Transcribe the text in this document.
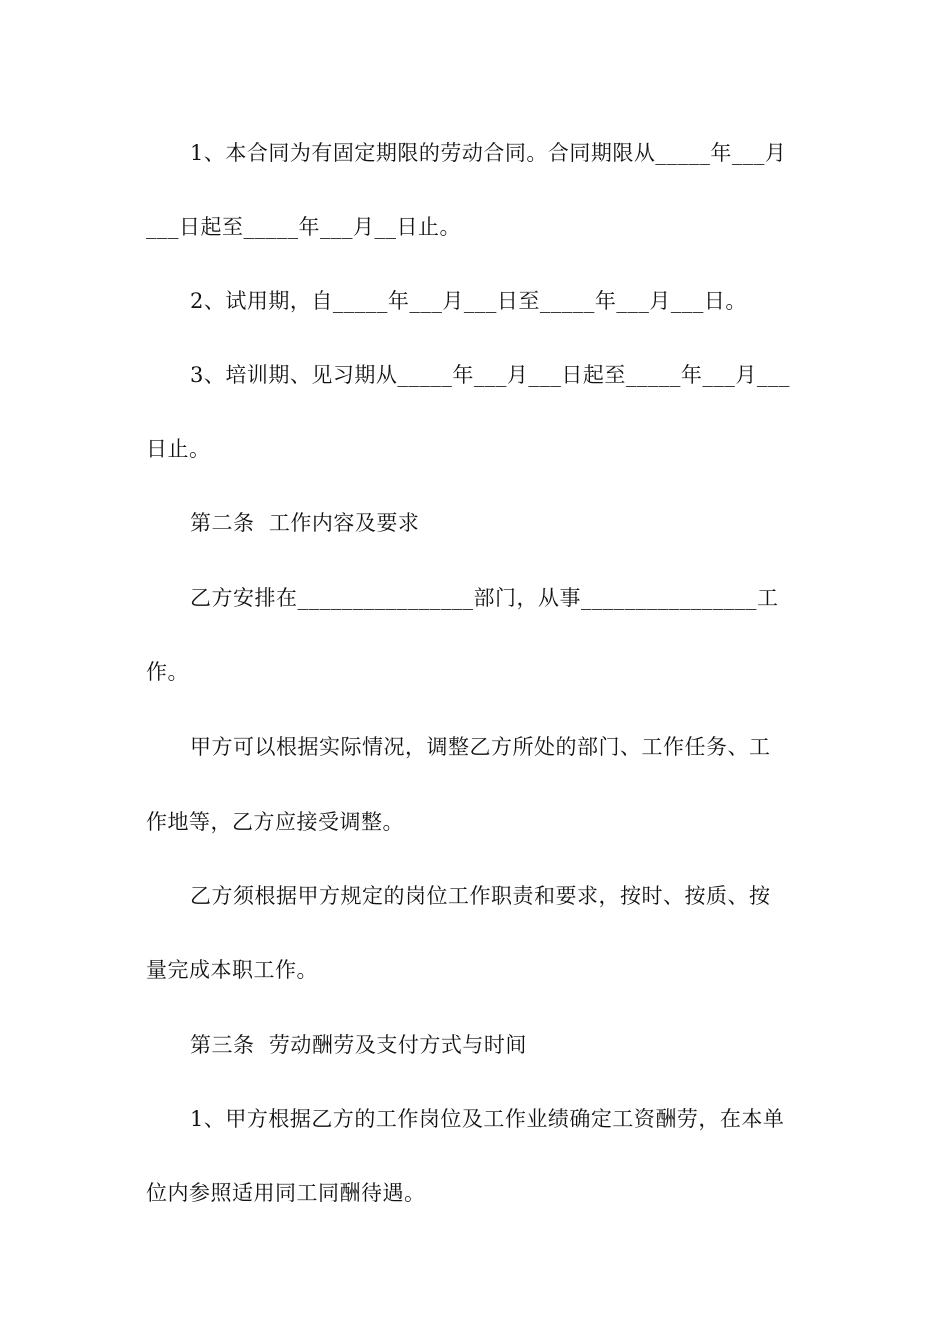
1、本合同为有固定期限的劳动合同。合同期限从_____年___月
___日起至_____年___月__日止。
2、试用期，自_____年___月___日至_____年___月___日。
3、培训期、见习期从_____年___月___日起至_____年___月___
日止。
第二条  工作内容及要求
乙方安排在________________部门，从事________________工
作。
甲方可以根据实际情况，调整乙方所处的部门、工作任务、工
作地等，乙方应接受调整。
乙方须根据甲方规定的岗位工作职责和要求，按时、按质、按
量完成本职工作。
第三条  劳动酬劳及支付方式与时间
1、甲方根据乙方的工作岗位及工作业绩确定工资酬劳，在本单
位内参照适用同工同酬待遇。
